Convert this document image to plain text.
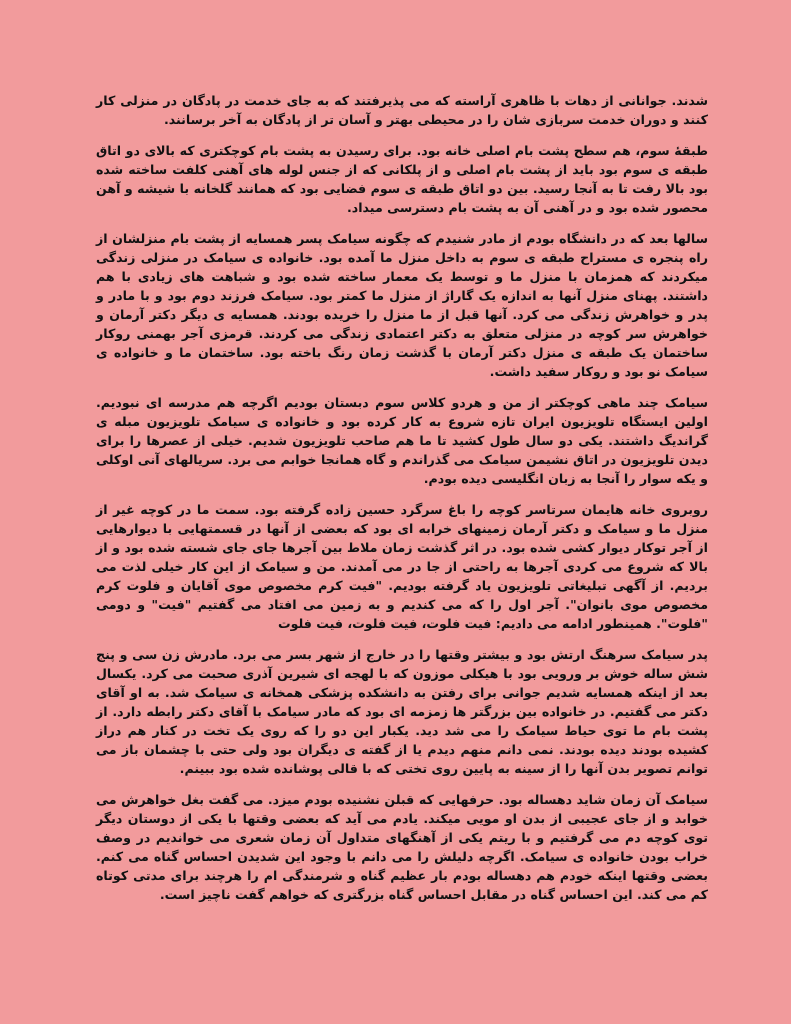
شدند. جوانانی از دهات با ظاهری آراسته که می پذیرفتند که به جای خدمت در پادگان در منزلی کار کنند و دوران خدمت سربازی شان را در محیطی بهتر و آسان تر از پادگان به آخر برسانند.

طبقهٔ سوم، هم سطح پشت بام اصلی خانه بود. برای رسیدن به پشت بام کوچکتری که بالای دو اتاق طبقه ی سوم بود باید از پشت بام اصلی و از پلکانی که از جنس لوله های آهنی کلفت ساخته شده بود بالا رفت تا به آنجا رسید. بین دو اتاق طبقه ی سوم فضایی بود که همانند گلخانه با شیشه و آهن محصور شده بود و در آهنی آن به پشت بام دسترسی میداد.

سالها بعد که در دانشگاه بودم از مادر شنیدم که چگونه سیامک پسر همسایه از پشت بام منزلشان از راه پنجره ی مستراح طبقه ی سوم به داخل منزل ما آمده بود. خانواده ی سیامک در منزلی زندگی میکردند که همزمان با منزل ما و توسط یک معمار ساخته شده بود و شباهت های زیادی با هم داشتند. پهنای منزل آنها به اندازه یک گاراژ از منزل ما کمتر بود. سیامک فرزند دوم بود و با مادر و پدر و خواهرش زندگی می کرد. آنها قبل از ما منزل را خریده بودند. همسایه ی دیگر دکتر آرمان و خواهرش سر کوچه در منزلی متعلق به دکتر اعتمادی زندگی می کردند. قرمزی آجر بهمنی روکار ساختمان یک طبقه ی منزل دکتر آرمان با گذشت زمان رنگ باخته بود. ساختمان ما و خانواده ی سیامک نو بود و روکار سفید داشت.

سیامک چند ماهی کوچکتر از من و هردو کلاس سوم دبستان بودیم اگرچه هم مدرسه ای نبودیم. اولین ایستگاه تلویزیون ایران تازه شروع به کار کرده بود و خانواده ی سیامک تلویزیون مبله ی گراندیگ داشتند. یکی دو سال طول کشید تا ما هم صاحب تلویزیون شدیم. خیلی از عصرها را برای دیدن تلویزیون در اتاق نشیمن سیامک می گذراندم و گاه همانجا خوابم می برد. سریالهای آنی اوکلی و یکه سوار را آنجا به زبان انگلیسی دیده بودم.

روبروی خانه هایمان سرتاسر کوچه را باغ سرگرد حسین زاده گرفته بود. سمت ما در کوچه غیر از منزل ما و سیامک و دکتر آرمان زمینهای خرابه ای بود که بعضی از آنها در قسمتهایی با دیوارهایی از آجر توکار دیوار کشی شده بود. در اثر گذشت زمان ملاط بین آجرها جای جای شسته شده بود و از بالا که شروع می کردی آجرها به راحتی از جا در می آمدند. من و سیامک از این کار خیلی لذت می بردیم. از آگهی تبلیغاتی تلویزیون یاد گرفته بودیم. "فیت کرم مخصوص موی آقایان و فلوت کرم مخصوص موی بانوان". آجر اول را که می کندیم و به زمین می افتاد می گفتیم "فیت" و دومی "فلوت". همینطور ادامه می دادیم: فیت فلوت، فیت فلوت، فیت فلوت

پدر سیامک سرهنگ ارتش بود و بیشتر وقتها را در خارج از شهر بسر می برد. مادرش زن سی و پنج شش ساله خوش بر ورویی بود با هیکلی موزون که با لهجه ای شیرین آذری صحبت می کرد. یکسال بعد از اینکه همسایه شدیم جوانی برای رفتن به دانشکده پزشکی همخانه ی سیامک شد. به او آقای دکتر می گفتیم. در خانواده بین بزرگتر ها زمزمه ای بود که مادر سیامک با آقای دکتر رابطه دارد. از پشت بام ما توی حیاط سیامک را می شد دید. یکبار این دو را که روی یک تخت در کنار هم دراز کشیده بودند دیده بودند. نمی دانم منهم دیدم یا از گفته ی دیگران بود ولی حتی با چشمان باز می توانم تصویر بدن آنها را از سینه به پایین روی تختی که با قالی پوشانده شده بود ببینم.

سیامک آن زمان شاید دهساله بود. حرفهایی که قبلن نشنیده بودم میزد. می گفت بغل خواهرش می خوابد و از جای عجیبی از بدن او مویی میکند. یادم می آید که بعضی وقتها با یکی از دوستان دیگر توی کوچه دم می گرفتیم و با ریتم یکی از آهنگهای متداول آن زمان شعری می خواندیم در وصف خراب بودن خانواده ی سیامک. اگرچه دلیلش را می دانم با وجود این شدیدن احساس گناه می کنم. بعضی وقتها اینکه خودم هم دهساله بودم بار عظیم گناه و شرمندگی ام را هرچند برای مدتی کوتاه کم می کند. این احساس گناه در مقابل احساس گناه بزرگتری که خواهم گفت ناچیز است.
